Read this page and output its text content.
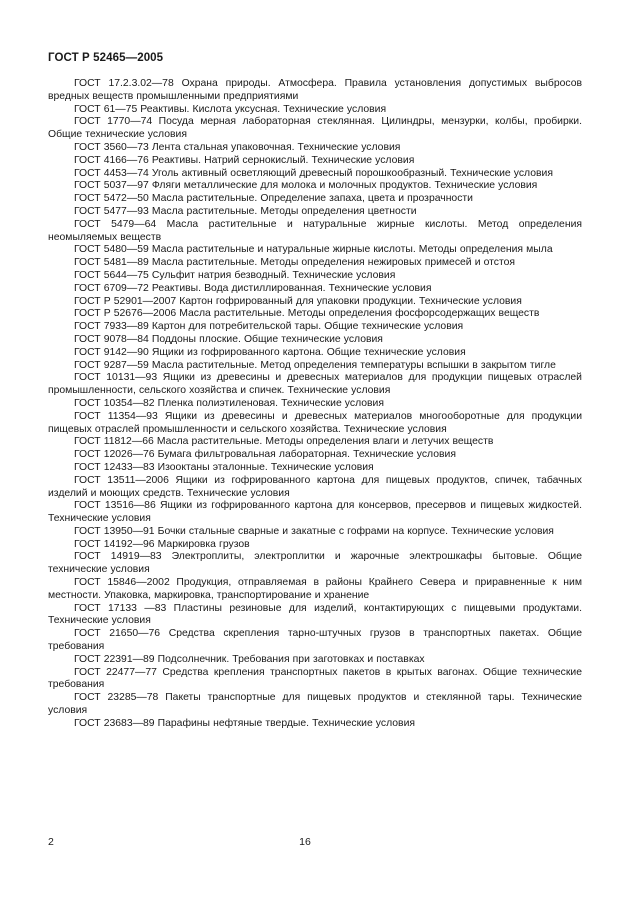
ГОСТ Р 52465—2005

ГОСТ 17.2.3.02—78 Охрана природы. Атмосфера. Правила установления допустимых выбросов вредных веществ промышленными предприятиями

ГОСТ 61—75 Реактивы. Кислота уксусная. Технические условия

ГОСТ 1770—74 Посуда мерная лабораторная стеклянная. Цилиндры, мензурки, колбы, пробирки. Общие технические условия

ГОСТ 3560—73 Лента стальная упаковочная. Технические условия

ГОСТ 4166—76 Реактивы. Натрий сернокислый. Технические условия

ГОСТ 4453—74 Уголь активный осветляющий древесный порошкообразный. Технические условия

ГОСТ 5037—97 Фляги металлические для молока и молочных продуктов. Технические условия

ГОСТ 5472—50 Масла растительные. Определение запаха, цвета и прозрачности

ГОСТ 5477—93 Масла растительные. Методы определения цветности

ГОСТ 5479—64 Масла растительные и натуральные жирные кислоты. Метод определения неомыляемых веществ

ГОСТ 5480—59 Масла растительные и натуральные жирные кислоты. Методы определения мыла

ГОСТ 5481—89 Масла растительные. Методы определения нежировых примесей и отстоя

ГОСТ 5644—75 Сульфит натрия безводный. Технические условия

ГОСТ 6709—72 Реактивы. Вода дистиллированная. Технические условия

ГОСТ Р 52901—2007 Картон гофрированный для упаковки продукции. Технические условия

ГОСТ Р 52676—2006 Масла растительные. Методы определения фосфорсодержащих веществ

ГОСТ 7933—89 Картон для потребительской тары. Общие технические условия

ГОСТ 9078—84 Поддоны плоские. Общие технические условия

ГОСТ 9142—90 Ящики из гофрированного картона. Общие технические условия

ГОСТ 9287—59 Масла растительные. Метод определения температуры вспышки в закрытом тигле

ГОСТ 10131—93 Ящики из древесины и древесных материалов для продукции пищевых отраслей промышленности, сельского хозяйства и спичек. Технические условия

ГОСТ 10354—82 Пленка полиэтиленовая. Технические условия

ГОСТ 11354—93 Ящики из древесины и древесных материалов многооборотные для продукции пищевых отраслей промышленности и сельского хозяйства. Технические условия

ГОСТ 11812—66 Масла растительные. Методы определения влаги и летучих веществ

ГОСТ 12026—76 Бумага фильтровальная лабораторная. Технические условия

ГОСТ 12433—83 Изооктаны эталонные. Технические условия

ГОСТ 13511—2006 Ящики из гофрированного картона для пищевых продуктов, спичек, табачных изделий и моющих средств. Технические условия

ГОСТ 13516—86 Ящики из гофрированного картона для консервов, пресервов и пищевых жидкостей. Технические условия

ГОСТ 13950—91 Бочки стальные сварные и закатные с гофрами на корпусе. Технические условия

ГОСТ 14192—96 Маркировка грузов

ГОСТ 14919—83 Электроплиты, электроплитки и жарочные электрошкафы бытовые. Общие технические условия

ГОСТ 15846—2002 Продукция, отправляемая в районы Крайнего Севера и приравненные к ним местности. Упаковка, маркировка, транспортирование и хранение

ГОСТ 17133 —83 Пластины резиновые для изделий, контактирующих с пищевыми продуктами. Технические условия

ГОСТ 21650—76 Средства скрепления тарно-штучных грузов в транспортных пакетах. Общие требования

ГОСТ 22391—89 Подсолнечник. Требования при заготовках и поставках

ГОСТ 22477—77 Средства крепления транспортных пакетов в крытых вагонах. Общие технические требования

ГОСТ 23285—78 Пакеты транспортные для пищевых продуктов и стеклянной тары. Технические условия

ГОСТ 23683—89 Парафины нефтяные твердые. Технические условия

2	16
